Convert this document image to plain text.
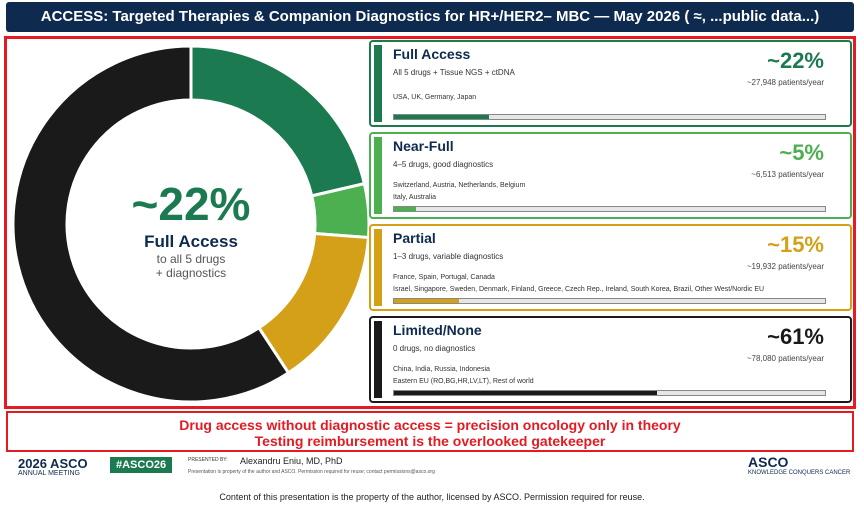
ACCESS: Targeted Therapies & Companion Diagnostics for HR+/HER2– MBC — May 2026 ( ≈, ...public data...)
~22%
Full Access
to all 5 drugs
+ diagnostics
Full Access
All 5 drugs + Tissue NGS + ctDNA
USA, UK, Germany, Japan
~22%
~27,948 patients/year
Near-Full
4–5 drugs, good diagnostics
Switzerland, Austria, Netherlands, Belgium
Italy, Australia
~5%
~6,513 patients/year
Partial
1–3 drugs, variable diagnostics
France, Spain, Portugal, Canada
Israel, Singapore, Sweden, Denmark, Finland, Greece, Czech Rep., Ireland, South Korea, Brazil, Other West/Nordic EU
~15%
~19,932 patients/year
Limited/None
0 drugs, no diagnostics
China, India, Russia, Indonesia
Eastern EU (RO,BG,HR,LV,LT), Rest of world
~61%
~78,080 patients/year
Drug access without diagnostic access = precision oncology only in theory
Testing reimbursement is the overlooked gatekeeper
2026 ASCO
ANNUAL MEETING
#ASCO26	PRESENTED BY: Alexandru Eniu, MD, PhD
Presentation is property of the author and ASCO. Permission required for reuse; contact permissions@asco.org
ASCO
KNOWLEDGE CONQUERS CANCER
Content of this presentation is the property of the author, licensed by ASCO. Permission required for reuse.
